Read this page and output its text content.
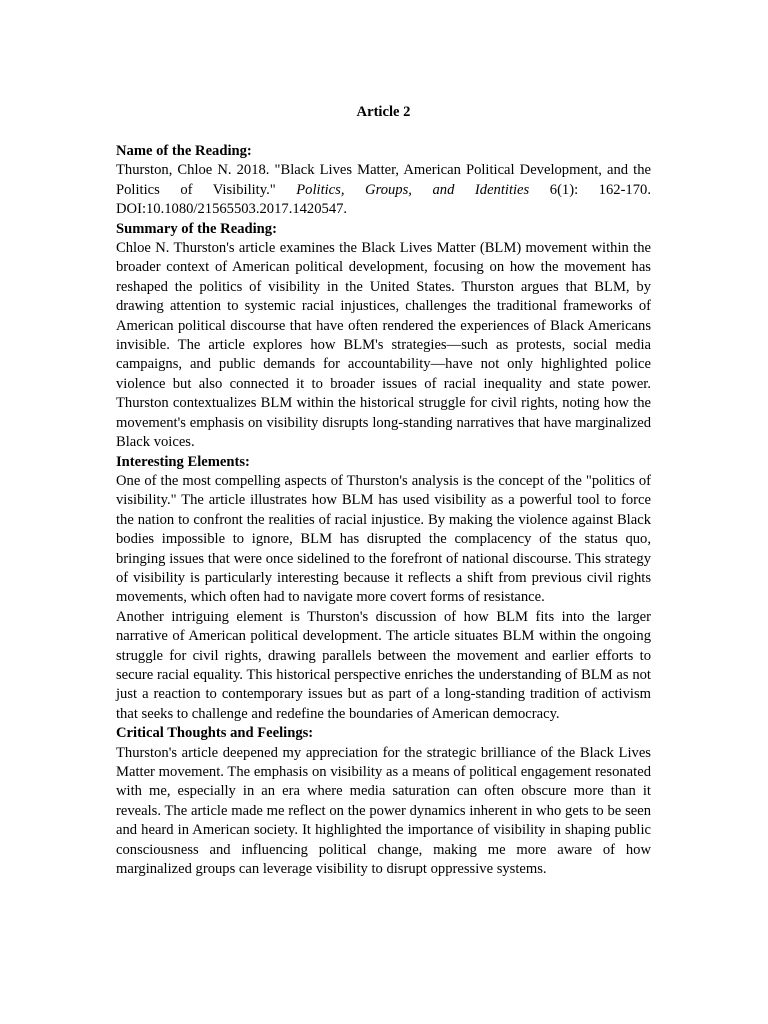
Article 2
Name of the Reading:

Thurston, Chloe N. 2018. "Black Lives Matter, American Political Development, and the Politics of Visibility." Politics, Groups, and Identities 6(1): 162-170. DOI:10.1080/21565503.2017.1420547.

Summary of the Reading:

Chloe N. Thurston's article examines the Black Lives Matter (BLM) movement within the broader context of American political development, focusing on how the movement has reshaped the politics of visibility in the United States. Thurston argues that BLM, by drawing attention to systemic racial injustices, challenges the traditional frameworks of American political discourse that have often rendered the experiences of Black Americans invisible. The article explores how BLM's strategies—such as protests, social media campaigns, and public demands for accountability—have not only highlighted police violence but also connected it to broader issues of racial inequality and state power. Thurston contextualizes BLM within the historical struggle for civil rights, noting how the movement's emphasis on visibility disrupts long-standing narratives that have marginalized Black voices.

Interesting Elements:

One of the most compelling aspects of Thurston's analysis is the concept of the "politics of visibility." The article illustrates how BLM has used visibility as a powerful tool to force the nation to confront the realities of racial injustice. By making the violence against Black bodies impossible to ignore, BLM has disrupted the complacency of the status quo, bringing issues that were once sidelined to the forefront of national discourse. This strategy of visibility is particularly interesting because it reflects a shift from previous civil rights movements, which often had to navigate more covert forms of resistance.

Another intriguing element is Thurston's discussion of how BLM fits into the larger narrative of American political development. The article situates BLM within the ongoing struggle for civil rights, drawing parallels between the movement and earlier efforts to secure racial equality. This historical perspective enriches the understanding of BLM as not just a reaction to contemporary issues but as part of a long-standing tradition of activism that seeks to challenge and redefine the boundaries of American democracy.

Critical Thoughts and Feelings:

Thurston's article deepened my appreciation for the strategic brilliance of the Black Lives Matter movement. The emphasis on visibility as a means of political engagement resonated with me, especially in an era where media saturation can often obscure more than it reveals. The article made me reflect on the power dynamics inherent in who gets to be seen and heard in American society. It highlighted the importance of visibility in shaping public consciousness and influencing political change, making me more aware of how marginalized groups can leverage visibility to disrupt oppressive systems.
